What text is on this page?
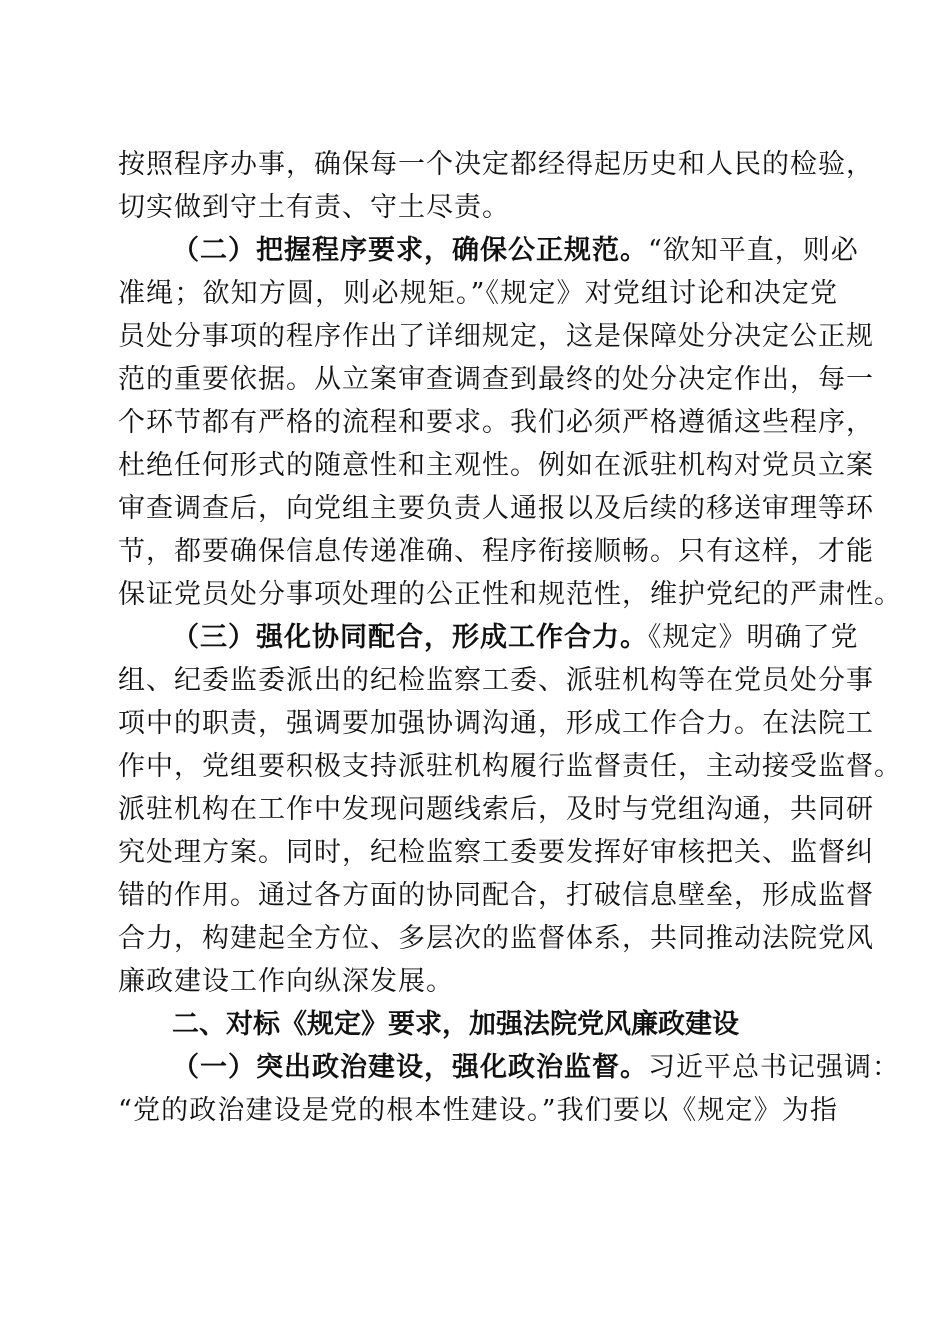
按照程序办事，确保每一个决定都经得起历史和人民的检验，
切实做到守土有责、守土尽责。
（二）把握程序要求，确保公正规范。“欲知平直，则必
准绳；欲知方圆，则必规矩。”《规定》对党组讨论和决定党
员处分事项的程序作出了详细规定，这是保障处分决定公正规
范的重要依据。从立案审查调查到最终的处分决定作出，每一
个环节都有严格的流程和要求。我们必须严格遵循这些程序，
杜绝任何形式的随意性和主观性。例如在派驻机构对党员立案
审查调查后，向党组主要负责人通报以及后续的移送审理等环
节，都要确保信息传递准确、程序衔接顺畅。只有这样，才能
保证党员处分事项处理的公正性和规范性，维护党纪的严肃性。
（三）强化协同配合，形成工作合力。《规定》明确了党
组、纪委监委派出的纪检监察工委、派驻机构等在党员处分事
项中的职责，强调要加强协调沟通，形成工作合力。在法院工
作中，党组要积极支持派驻机构履行监督责任，主动接受监督。
派驻机构在工作中发现问题线索后，及时与党组沟通，共同研
究处理方案。同时，纪检监察工委要发挥好审核把关、监督纠
错的作用。通过各方面的协同配合，打破信息壁垒，形成监督
合力，构建起全方位、多层次的监督体系，共同推动法院党风
廉政建设工作向纵深发展。
二、对标《规定》要求，加强法院党风廉政建设
（一）突出政治建设，强化政治监督。习近平总书记强调：
“党的政治建设是党的根本性建设。”我们要以《规定》为指
